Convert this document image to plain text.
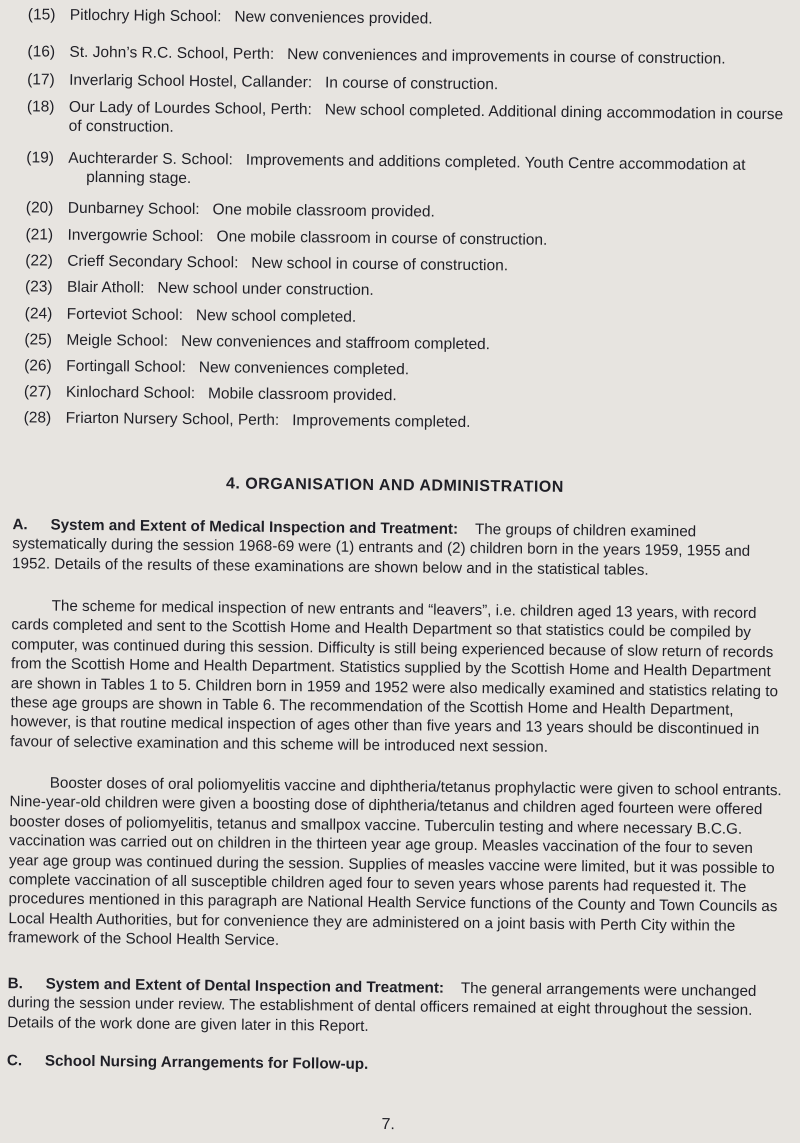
(15) Pitlochry High School: New conveniences provided.
(16) St. John’s R.C. School, Perth: New conveniences and improvements in course of construction.
(17) Inverlarig School Hostel, Callander: In course of construction.
(18) Our Lady of Lourdes School, Perth: New school completed. Additional dining accommodation in course
of construction.
(19) Auchterarder S. School: Improvements and additions completed. Youth Centre accommodation at
planning stage.
(20) Dunbarney School: One mobile classroom provided.
(21) Invergowrie School: One mobile classroom in course of construction.
(22) Crieff Secondary School: New school in course of construction.
(23) Blair Atholl: New school under construction.
(24) Forteviot School: New school completed.
(25) Meigle School: New conveniences and staffroom completed.
(26) Fortingall School: New conveniences completed.
(27) Kinlochard School: Mobile classroom provided.
(28) Friarton Nursery School, Perth: Improvements completed.
4. ORGANISATION AND ADMINISTRATION
A. System and Extent of Medical Inspection and Treatment: The groups of children examined systematically during the session 1968-69 were (1) entrants and (2) children born in the years 1959, 1955 and 1952. Details of the results of these examinations are shown below and in the statistical tables.
The scheme for medical inspection of new entrants and “leavers”, i.e. children aged 13 years, with record cards completed and sent to the Scottish Home and Health Department so that statistics could be compiled by computer, was continued during this session. Difficulty is still being experienced because of slow return of records from the Scottish Home and Health Department. Statistics supplied by the Scottish Home and Health Department are shown in Tables 1 to 5. Children born in 1959 and 1952 were also medically examined and statistics relating to these age groups are shown in Table 6. The recommendation of the Scottish Home and Health Department, however, is that routine medical inspection of ages other than five years and 13 years should be discontinued in favour of selective examination and this scheme will be introduced next session.
Booster doses of oral poliomyelitis vaccine and diphtheria/tetanus prophylactic were given to school entrants. Nine-year-old children were given a boosting dose of diphtheria/tetanus and children aged fourteen were offered booster doses of poliomyelitis, tetanus and smallpox vaccine. Tuberculin testing and where necessary B.C.G. vaccination was carried out on children in the thirteen year age group. Measles vaccination of the four to seven year age group was continued during the session. Supplies of measles vaccine were limited, but it was possible to complete vaccination of all susceptible children aged four to seven years whose parents had requested it. The procedures mentioned in this paragraph are National Health Service functions of the County and Town Councils as Local Health Authorities, but for convenience they are administered on a joint basis with Perth City within the framework of the School Health Service.
B. System and Extent of Dental Inspection and Treatment: The general arrangements were unchanged during the session under review. The establishment of dental officers remained at eight throughout the session. Details of the work done are given later in this Report.
C. School Nursing Arrangements for Follow-up.
7.
